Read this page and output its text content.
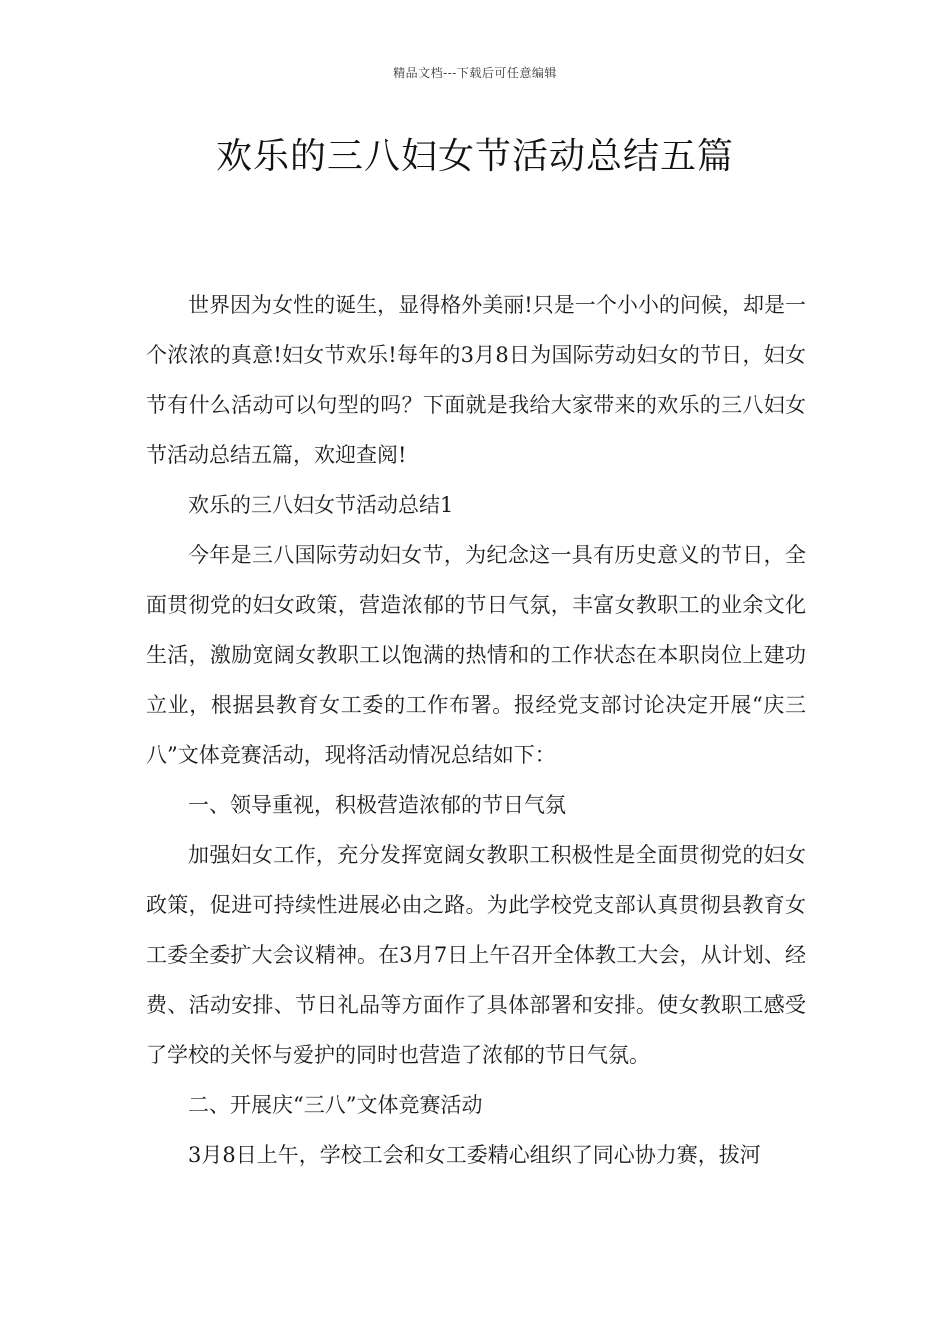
精品文档---下载后可任意编辑
欢乐的三八妇女节活动总结五篇

世界因为女性的诞生，显得格外美丽!只是一个小小的问候，却是一个浓浓的真意!妇女节欢乐!每年的3月8日为国际劳动妇女的节日，妇女节有什么活动可以句型的吗？下面就是我给大家带来的欢乐的三八妇女节活动总结五篇，欢迎查阅!

欢乐的三八妇女节活动总结1

今年是三八国际劳动妇女节，为纪念这一具有历史意义的节日，全面贯彻党的妇女政策，营造浓郁的节日气氛，丰富女教职工的业余文化生活，激励宽阔女教职工以饱满的热情和的工作状态在本职岗位上建功立业，根据县教育女工委的工作布署。报经党支部讨论决定开展“庆三八”文体竞赛活动，现将活动情况总结如下：

一、领导重视，积极营造浓郁的节日气氛

加强妇女工作，充分发挥宽阔女教职工积极性是全面贯彻党的妇女政策，促进可持续性进展必由之路。为此学校党支部认真贯彻县教育女工委全委扩大会议精神。在3月7日上午召开全体教工大会，从计划、经费、活动安排、节日礼品等方面作了具体部署和安排。使女教职工感受了学校的关怀与爱护的同时也营造了浓郁的节日气氛。

二、开展庆“三八”文体竞赛活动

3月8日上午，学校工会和女工委精心组织了同心协力赛，拔河
